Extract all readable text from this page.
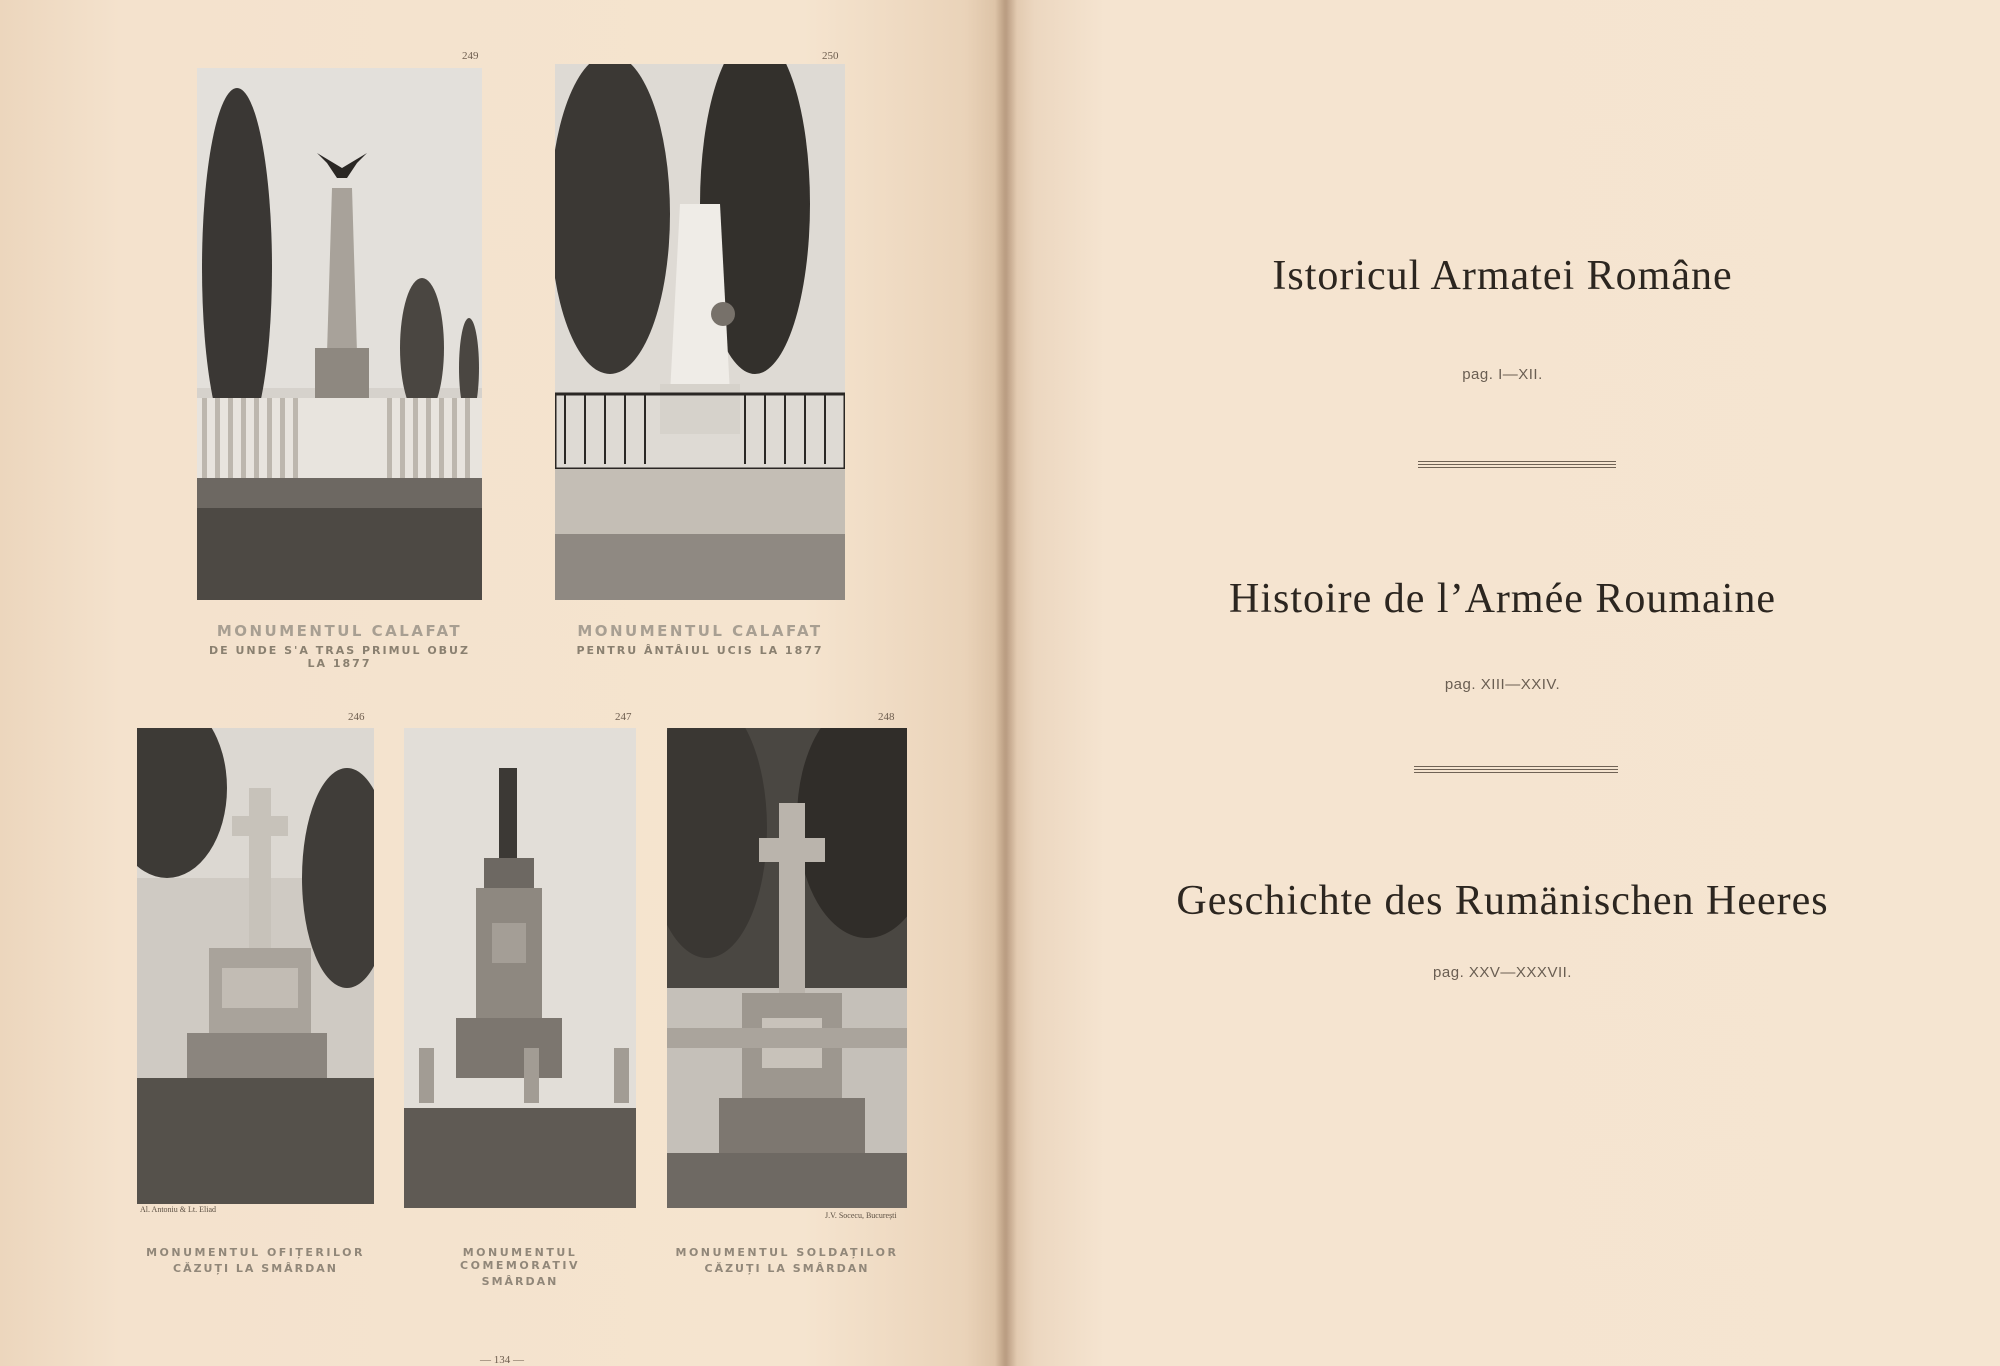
249	250
MONUMENTUL CALAFAT
DE UNDE S'A TRAS PRIMUL OBUZ LA 1877
MONUMENTUL CALAFAT
PENTRU ÂNTÂIUL UCIS LA 1877
246	247	248
Al. Antoniu & Lt. Eliad
J.V. Socecu, București
MONUMENTUL OFIȚERILOR
CĂZUȚI LA SMÂRDAN
MONUMENTUL COMEMORATIV
SMÂRDAN
MONUMENTUL SOLDAȚILOR
CĂZUȚI LA SMÂRDAN
— 134 —
Istoricul Armatei Române
pag. I—XII.
Histoire de l’Armée Roumaine
pag. XIII—XXIV.
Geschichte des Rumänischen Heeres
pag. XXV—XXXVII.
